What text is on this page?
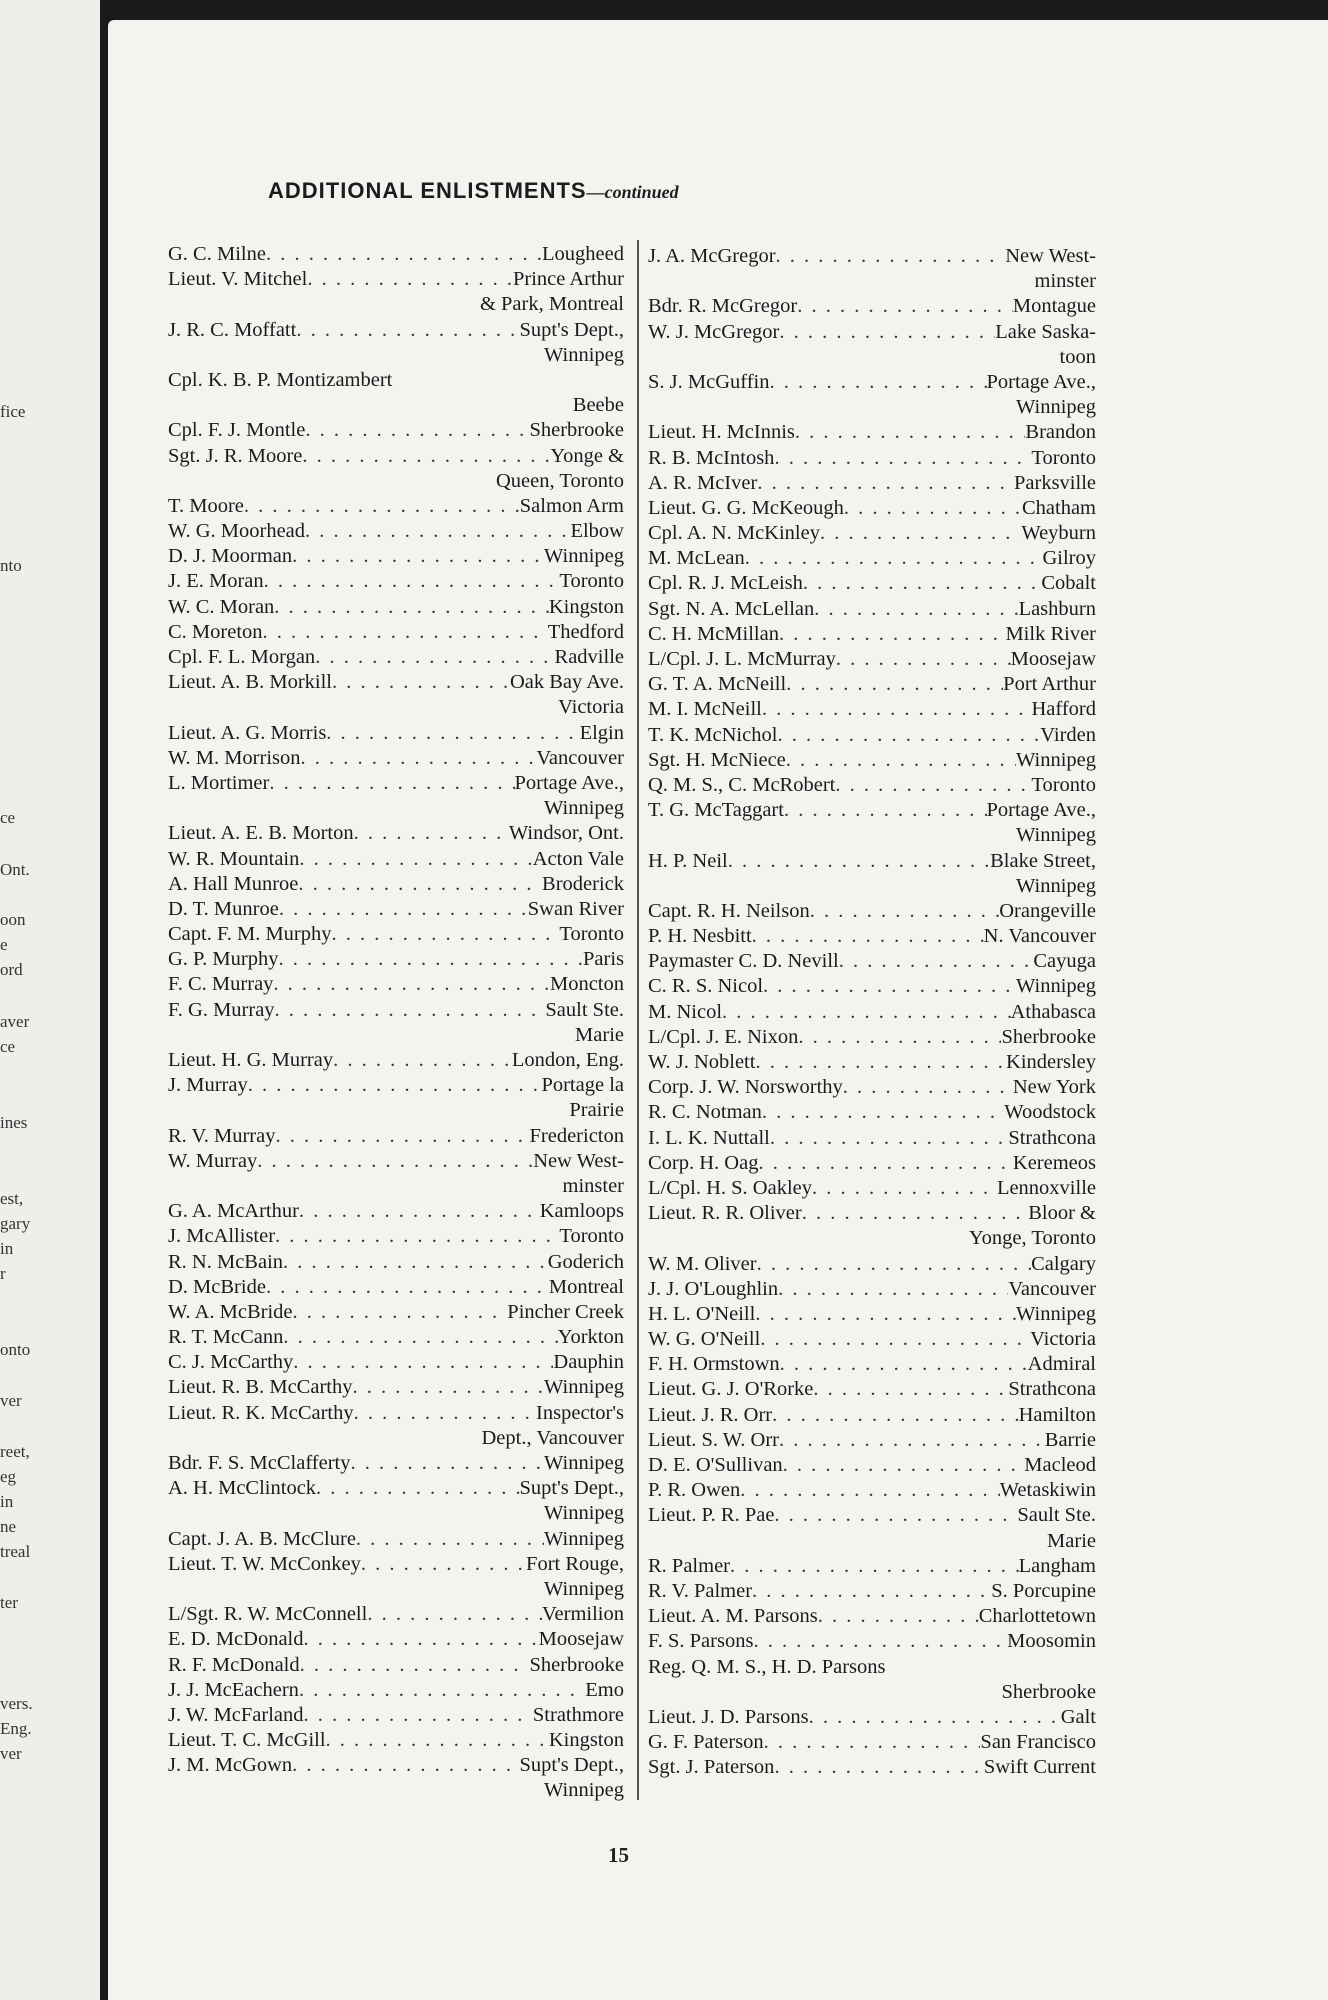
fice
nto
ce
Ont.
oon
e
ord
aver
ce
ines
est,
gary
in
r
onto
ver
reet,
eg
in
ne
treal
ter
vers.
Eng.
ver
ADDITIONAL ENLISTMENTS—continued
G. C. Milne . . .	Lougheed
Lieut. V. Mitchel . . .	Prince Arthur
& Park, Montreal
J. R. C. Moffatt . . .	Supt's Dept.,
Winnipeg
Cpl. K. B. P. Montizambert
Beebe
Cpl. F. J. Montle . . .	Sherbrooke
Sgt. J. R. Moore . . .	Yonge &
Queen, Toronto
T. Moore . . .	Salmon Arm
W. G. Moorhead . . .	Elbow
D. J. Moorman . . .	Winnipeg
J. E. Moran . . .	Toronto
W. C. Moran . . .	Kingston
C. Moreton . . .	Thedford
Cpl. F. L. Morgan . . .	Radville
Lieut. A. B. Morkill . . .	Oak Bay Ave.
Victoria
Lieut. A. G. Morris . . .	Elgin
W. M. Morrison . . .	Vancouver
L. Mortimer . . .	Portage Ave.,
Winnipeg
Lieut. A. E. B. Morton . . .	Windsor, Ont.
W. R. Mountain . . .	Acton Vale
A. Hall Munroe . . .	Broderick
D. T. Munroe . . .	Swan River
Capt. F. M. Murphy . . .	Toronto
G. P. Murphy . . .	Paris
F. C. Murray . . .	Moncton
F. G. Murray . . .	Sault Ste.
Marie
Lieut. H. G. Murray . . .	London, Eng.
J. Murray . . .	Portage la
Prairie
R. V. Murray . . .	Fredericton
W. Murray . . .	New West-
minster
G. A. McArthur . . .	Kamloops
J. McAllister . . .	Toronto
R. N. McBain . . .	Goderich
D. McBride . . .	Montreal
W. A. McBride . . .	Pincher Creek
R. T. McCann . . .	Yorkton
C. J. McCarthy . . .	Dauphin
Lieut. R. B. McCarthy . . .	Winnipeg
Lieut. R. K. McCarthy . . .	Inspector's
Dept., Vancouver
Bdr. F. S. McClafferty . . .	Winnipeg
A. H. McClintock . . .	Supt's Dept.,
Winnipeg
Capt. J. A. B. McClure . . .	Winnipeg
Lieut. T. W. McConkey . . .	Fort Rouge,
Winnipeg
L/Sgt. R. W. McConnell . . .	Vermilion
E. D. McDonald . . .	Moosejaw
R. F. McDonald . . .	Sherbrooke
J. J. McEachern . . .	Emo
J. W. McFarland . . .	Strathmore
Lieut. T. C. McGill . . .	Kingston
J. M. McGown . . .	Supt's Dept.,
Winnipeg
J. A. McGregor . . .	New West-
minster
Bdr. R. McGregor . . .	Montague
W. J. McGregor . . .	Lake Saska-
toon
S. J. McGuffin . . .	Portage Ave.,
Winnipeg
Lieut. H. McInnis . . .	Brandon
R. B. McIntosh . . .	Toronto
A. R. McIver . . .	Parksville
Lieut. G. G. McKeough . . .	Chatham
Cpl. A. N. McKinley . . .	Weyburn
M. McLean . . .	Gilroy
Cpl. R. J. McLeish . . .	Cobalt
Sgt. N. A. McLellan . . .	Lashburn
C. H. McMillan . . .	Milk River
L/Cpl. J. L. McMurray . . .	Moosejaw
G. T. A. McNeill . . .	Port Arthur
M. I. McNeill . . .	Hafford
T. K. McNichol . . .	Virden
Sgt. H. McNiece . . .	Winnipeg
Q. M. S., C. McRobert . . .	Toronto
T. G. McTaggart . . .	Portage Ave.,
Winnipeg
H. P. Neil . . .	Blake Street,
Winnipeg
Capt. R. H. Neilson . . .	Orangeville
P. H. Nesbitt . . .	N. Vancouver
Paymaster C. D. Nevill . . .	Cayuga
C. R. S. Nicol . . .	Winnipeg
M. Nicol . . .	Athabasca
L/Cpl. J. E. Nixon . . .	Sherbrooke
W. J. Noblett . . .	Kindersley
Corp. J. W. Norsworthy . . .	New York
R. C. Notman . . .	Woodstock
I. L. K. Nuttall . . .	Strathcona
Corp. H. Oag . . .	Keremeos
L/Cpl. H. S. Oakley . . .	Lennoxville
Lieut. R. R. Oliver . . .	Bloor &
Yonge, Toronto
W. M. Oliver . . .	Calgary
J. J. O'Loughlin . . .	Vancouver
H. L. O'Neill . . .	Winnipeg
W. G. O'Neill . . .	Victoria
F. H. Ormstown . . .	Admiral
Lieut. G. J. O'Rorke . . .	Strathcona
Lieut. J. R. Orr . . .	Hamilton
Lieut. S. W. Orr . . .	Barrie
D. E. O'Sullivan . . .	Macleod
P. R. Owen . . .	Wetaskiwin
Lieut. P. R. Pae . . .	Sault Ste.
Marie
R. Palmer . . .	Langham
R. V. Palmer . . .	S. Porcupine
Lieut. A. M. Parsons . . .	Charlottetown
F. S. Parsons . . .	Moosomin
Reg. Q. M. S., H. D. Parsons
Sherbrooke
Lieut. J. D. Parsons . . .	Galt
G. F. Paterson . . .	San Francisco
Sgt. J. Paterson . . .	Swift Current
15
